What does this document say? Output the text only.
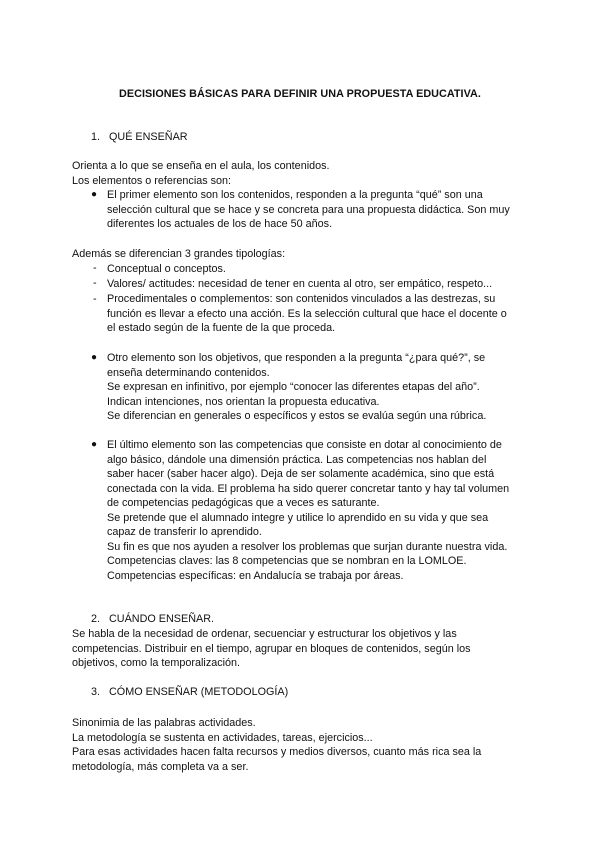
DECISIONES BÁSICAS PARA DEFINIR UNA PROPUESTA EDUCATIVA.
1. QUÉ ENSEÑAR
Orienta a lo que se enseña en el aula, los contenidos.
Los elementos o referencias son:
● El primer elemento son los contenidos, responden a la pregunta “qué” son una
selección cultural que se hace y se concreta para una propuesta didáctica. Son muy
diferentes los actuales de los de hace 50 años.
Además se diferencian 3 grandes tipologías:
- Conceptual o conceptos.
- Valores/ actitudes: necesidad de tener en cuenta al otro, ser empático, respeto...
- Procedimentales o complementos: son contenidos vinculados a las destrezas, su
función es llevar a efecto una acción. Es la selección cultural que hace el docente o
el estado según de la fuente de la que proceda.
● Otro elemento son los objetivos, que responden a la pregunta “¿para qué?”, se
enseña determinando contenidos.
Se expresan en infinitivo, por ejemplo “conocer las diferentes etapas del año”.
Indican intenciones, nos orientan la propuesta educativa.
Se diferencian en generales o específicos y estos se evalúa según una rúbrica.
● El último elemento son las competencias que consiste en dotar al conocimiento de
algo básico, dándole una dimensión práctica. Las competencias nos hablan del
saber hacer (saber hacer algo). Deja de ser solamente académica, sino que está
conectada con la vida. El problema ha sido querer concretar tanto y hay tal volumen
de competencias pedagógicas que a veces es saturante.
Se pretende que el alumnado integre y utilice lo aprendido en su vida y que sea
capaz de transferir lo aprendido.
Su fin es que nos ayuden a resolver los problemas que surjan durante nuestra vida.
Competencias claves: las 8 competencias que se nombran en la LOMLOE.
Competencias específicas: en Andalucía se trabaja por áreas.
2. CUÁNDO ENSEÑAR.
Se habla de la necesidad de ordenar, secuenciar y estructurar los objetivos y las
competencias. Distribuir en el tiempo, agrupar en bloques de contenidos, según los
objetivos, como la temporalización.
3. CÓMO ENSEÑAR (METODOLOGÍA)
Sinonimia de las palabras actividades.
La metodología se sustenta en actividades, tareas, ejercicios...
Para esas actividades hacen falta recursos y medios diversos, cuanto más rica sea la
metodología, más completa va a ser.
